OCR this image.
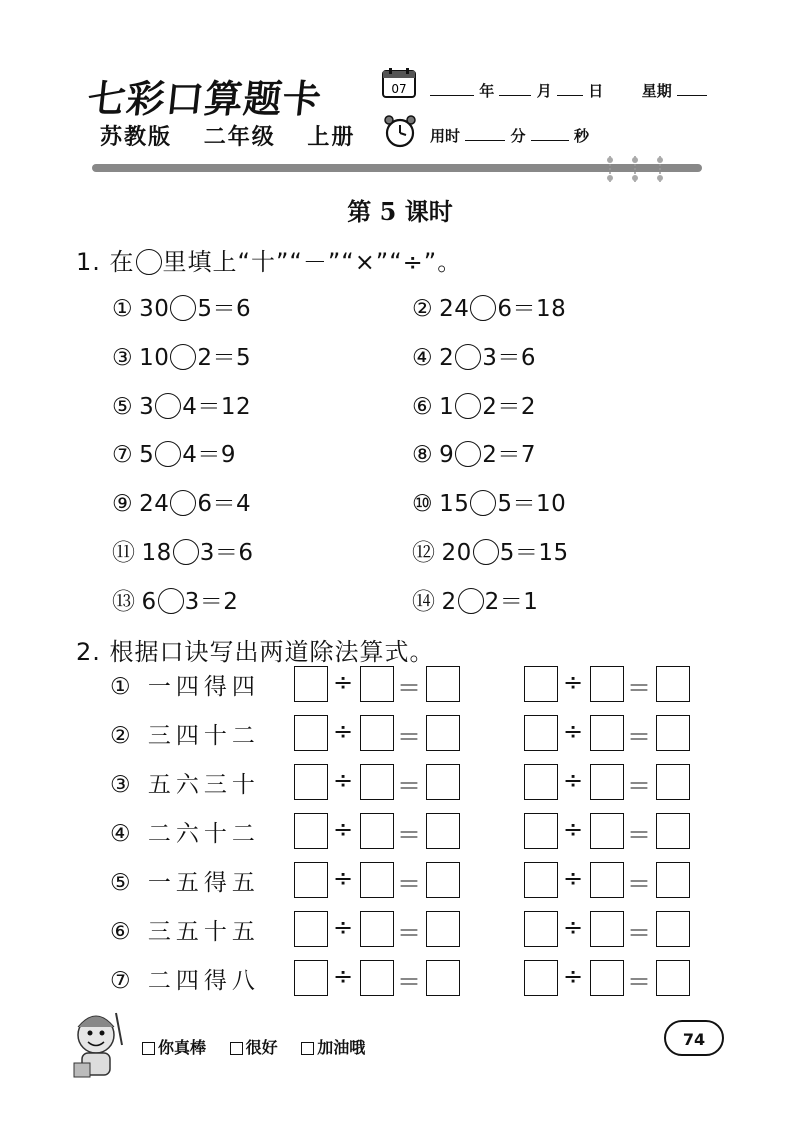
七彩口算题卡
苏教版 二年级 上册
07	年	月 日	星期
用时	分	秒
第 5 课时
1. 在 里填上“十”“－”“×”“÷”。
① 30 5＝6	② 24 6＝18
③ 10 2＝5	④ 2 3＝6
⑤ 3 4＝12	⑥ 1 2＝2
⑦ 5 4＝9	⑧ 9 2＝7
⑨ 24 6＝4	⑩ 15 5＝10
⑪ 18 3＝6	⑫ 20 5＝15
⑬ 6 3＝2	⑭ 2 2＝1
2. 根据口诀写出两道除法算式。
① 一四得四	÷ ＝	÷ ＝
② 三四十二	÷ ＝	÷ ＝
③ 五六三十	÷ ＝	÷ ＝
④ 二六十二	÷ ＝	÷ ＝
⑤ 一五得五	÷ ＝	÷ ＝
⑥ 三五十五	÷ ＝	÷ ＝
⑦ 二四得八	÷ ＝	÷ ＝
你真棒 很好 加油哦	74
